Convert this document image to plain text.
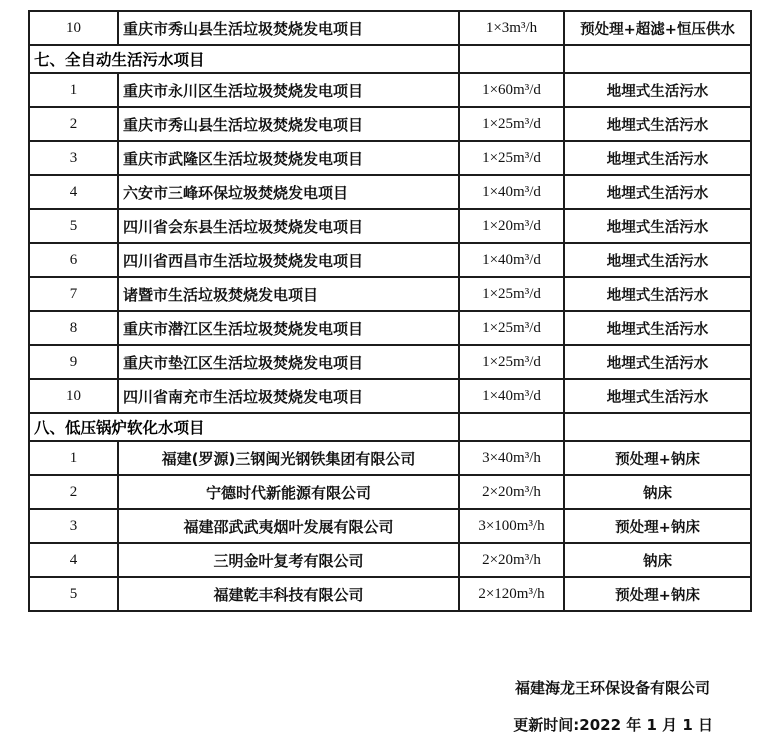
10	重庆市秀山县生活垃圾焚烧发电项目	1×3m³/h	预处理+超滤+恒压供水
七、全自动生活污水项目			
1	重庆市永川区生活垃圾焚烧发电项目	1×60m³/d	地埋式生活污水
2	重庆市秀山县生活垃圾焚烧发电项目	1×25m³/d	地埋式生活污水
3	重庆市武隆区生活垃圾焚烧发电项目	1×25m³/d	地埋式生活污水
4	六安市三峰环保垃圾焚烧发电项目	1×40m³/d	地埋式生活污水
5	四川省会东县生活垃圾焚烧发电项目	1×20m³/d	地埋式生活污水
6	四川省西昌市生活垃圾焚烧发电项目	1×40m³/d	地埋式生活污水
7	诸暨市生活垃圾焚烧发电项目	1×25m³/d	地埋式生活污水
8	重庆市潜江区生活垃圾焚烧发电项目	1×25m³/d	地埋式生活污水
9	重庆市垫江区生活垃圾焚烧发电项目	1×25m³/d	地埋式生活污水
10	四川省南充市生活垃圾焚烧发电项目	1×40m³/d	地埋式生活污水
八、低压锅炉软化水项目			
1	福建(罗源)三钢闽光钢铁集团有限公司	3×40m³/h	预处理+钠床
2	宁德时代新能源有限公司	2×20m³/h	钠床
3	福建邵武武夷烟叶发展有限公司	3×100m³/h	预处理+钠床
4	三明金叶复考有限公司	2×20m³/h	钠床
5	福建乾丰科技有限公司	2×120m³/h	预处理+钠床
福建海龙王环保设备有限公司
更新时间:2022 年 1 月 1 日
